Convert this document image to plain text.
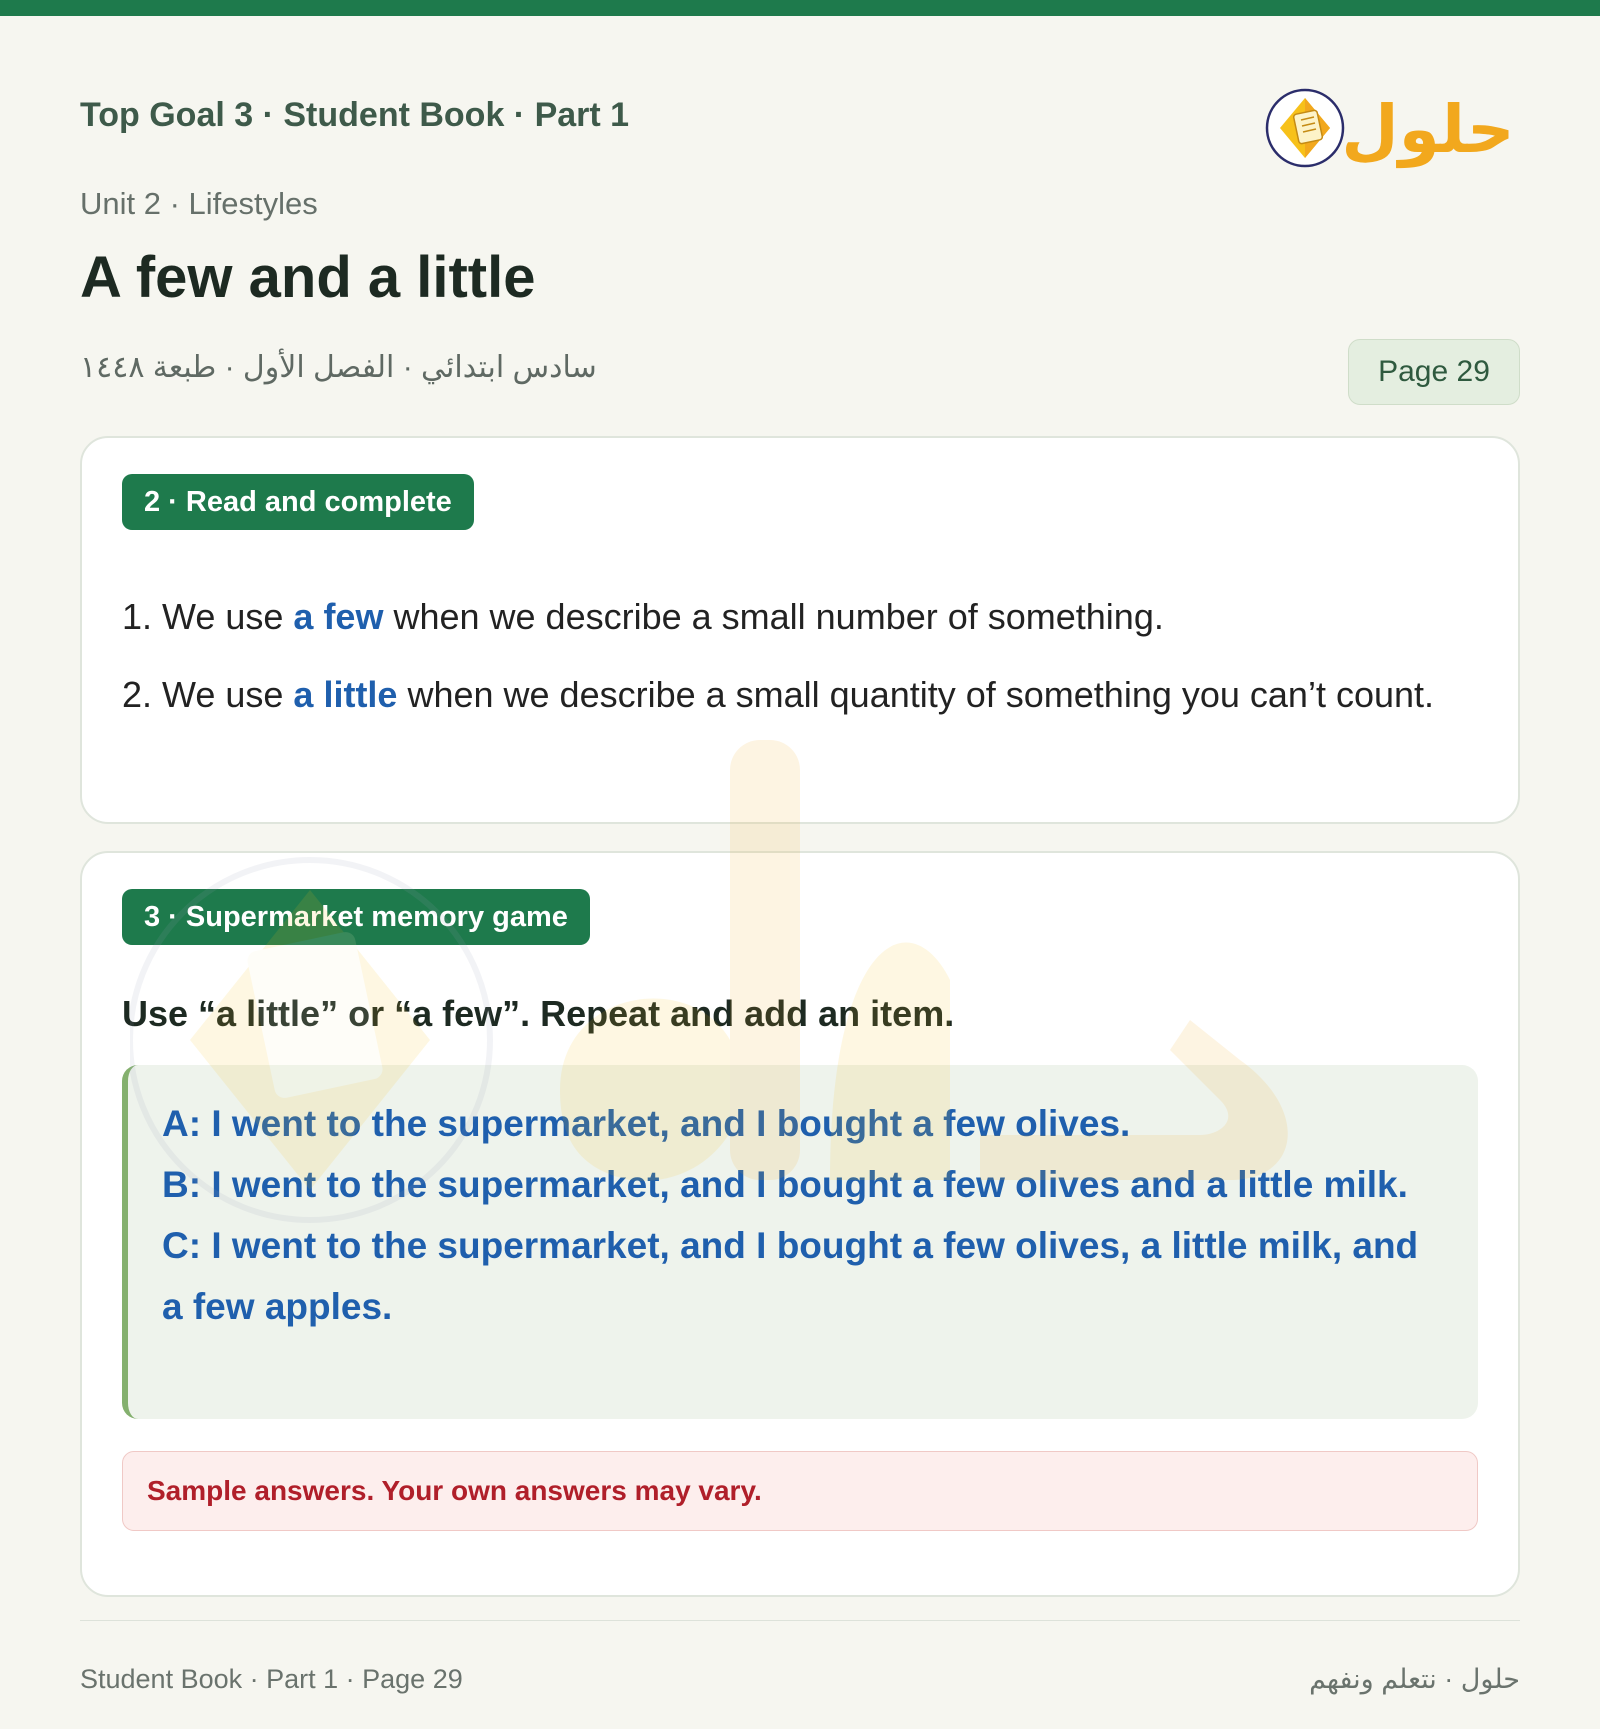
Top Goal 3 · Student Book · Part 1	حلول
Unit 2 · Lifestyles
A few and a little
سادس ابتدائي · الفصل الأول · طبعة ١٤٤٨	Page 29
2 · Read and complete
1. We use a few when we describe a small number of something.
2. We use a little when we describe a small quantity of something you can’t count.
3 · Supermarket memory game
Use “a little” or “a few”. Repeat and add an item.
A: I went to the supermarket, and I bought a few olives.
B: I went to the supermarket, and I bought a few olives and a little milk.
C: I went to the supermarket, and I bought a few olives, a little milk, and a few apples.
Sample answers. Your own answers may vary.
Student Book · Part 1 · Page 29	حلول · نتعلم ونفهم
